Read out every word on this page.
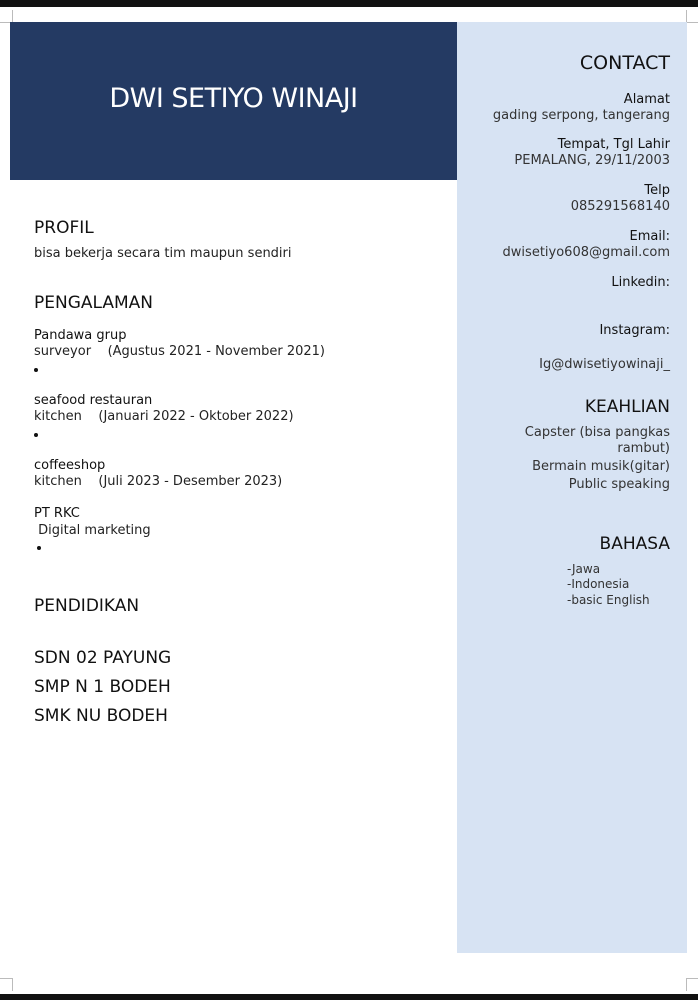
DWI SETIYO WINAJI
CONTACT
Alamat
gading serpong, tangerang
Tempat, Tgl Lahir
PEMALANG, 29/11/2003
Telp
085291568140
Email:
dwisetiyo608@gmail.com
Linkedin:
Instagram:
Ig@dwisetiyowinaji_
KEAHLIAN
Capster (bisa pangkas
rambut)
Bermain musik(gitar)
Public speaking
BAHASA
-Jawa
-Indonesia
-basic English
PROFIL
bisa bekerja secara tim maupun sendiri
PENGALAMAN
Pandawa grup
surveyor    (Agustus 2021 - November 2021)
seafood restauran
kitchen    (Januari 2022 - Oktober 2022)
coffeeshop
kitchen    (Juli 2023 - Desember 2023)
PT RKC
Digital marketing
PENDIDIKAN
SDN 02 PAYUNG
SMP N 1 BODEH
SMK NU BODEH
